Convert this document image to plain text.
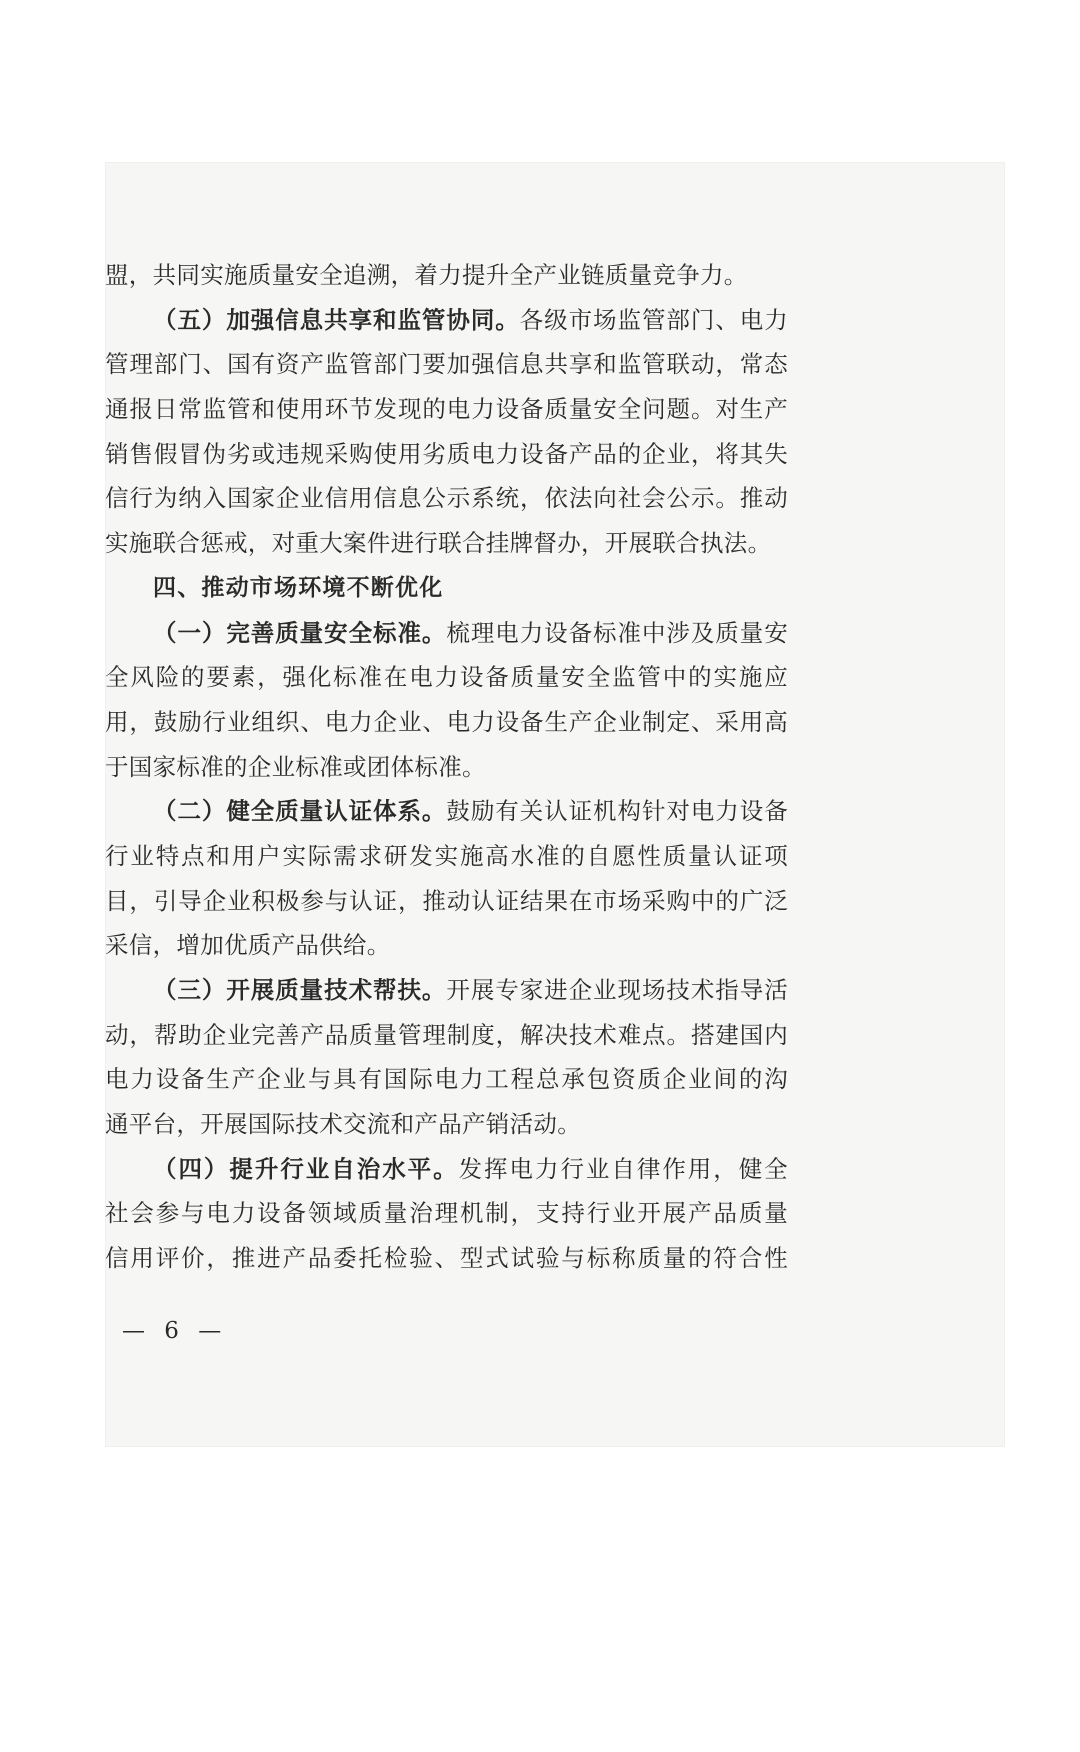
盟，共同实施质量安全追溯，着力提升全产业链质量竞争力。
（五）加强信息共享和监管协同。各级市场监管部门、电力
管理部门、国有资产监管部门要加强信息共享和监管联动，常态
通报日常监管和使用环节发现的电力设备质量安全问题。对生产
销售假冒伪劣或违规采购使用劣质电力设备产品的企业，将其失
信行为纳入国家企业信用信息公示系统，依法向社会公示。推动
实施联合惩戒，对重大案件进行联合挂牌督办，开展联合执法。
四、推动市场环境不断优化
（一）完善质量安全标准。梳理电力设备标准中涉及质量安
全风险的要素，强化标准在电力设备质量安全监管中的实施应
用，鼓励行业组织、电力企业、电力设备生产企业制定、采用高
于国家标准的企业标准或团体标准。
（二）健全质量认证体系。鼓励有关认证机构针对电力设备
行业特点和用户实际需求研发实施高水准的自愿性质量认证项
目，引导企业积极参与认证，推动认证结果在市场采购中的广泛
采信，增加优质产品供给。
（三）开展质量技术帮扶。开展专家进企业现场技术指导活
动，帮助企业完善产品质量管理制度，解决技术难点。搭建国内
电力设备生产企业与具有国际电力工程总承包资质企业间的沟
通平台，开展国际技术交流和产品产销活动。
（四）提升行业自治水平。发挥电力行业自律作用，健全
社会参与电力设备领域质量治理机制，支持行业开展产品质量
信用评价，推进产品委托检验、型式试验与标称质量的符合性
— 6 —
